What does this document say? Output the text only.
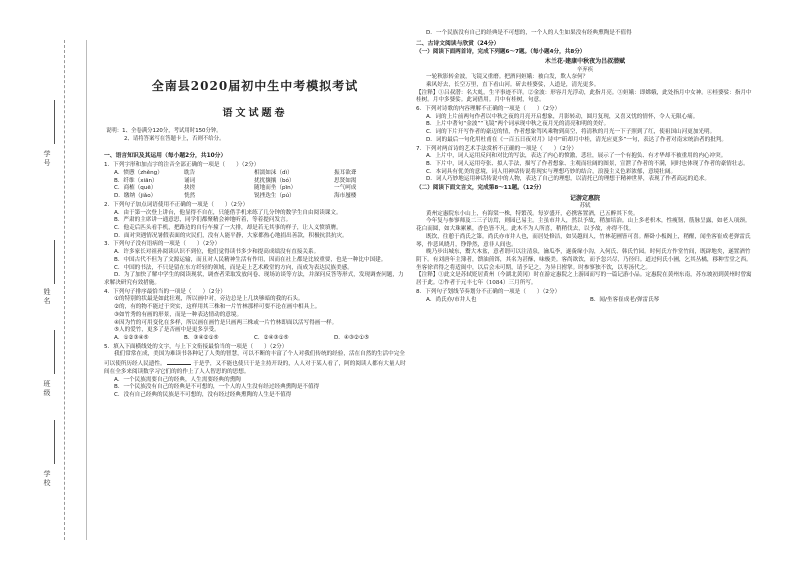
学号
姓名
班级
学校
全南县2020届初中生中考模拟考试
语文试题卷
说明：1、全卷满分120分，考试用时150分钟。
2、请将答案写在答题卡上，否则不给分。
一、语言知识及其运用（每小题2分，共10分）
1．下列字形和加点字的注音全部正确的一项是（　　）（2分）
A．愤懑（zhěng）	耽告	相濡如沫（dì）	振耳欲聋
B．纤维（xiān）	诵词	扰扰攘攘（bó）	思贤如渴
C．商榷（quē）	抉搓	随地而坐（pīn）	一气呵成
D．缴纳（jiǎo）	恍然	锐挫迭生（pú）	海市蜃楼
2．下列句子加点词语使用不正确的一项是（　　）（2分）
A．由于第一次登上讲台，他显得不自在，只能借手机来练了几分钟的数学生自由阅读课文。
B．严肃的主席讲一通意思，同学们都聚精会神地听着，等着提问发言。
C．他走后匹头看手机，把路边的自行车撞了一大排，却是若无其事的样子，让人义愤填膺。
D．面对突遇情况暑假表面的灾民们，没有人能平静，大家都热心地捐出善款，积极抗洪抗灾。
3．下列句子没有语病的一项是（　　）（2分）
A．许多家长对祖孙阅读认识不到位，他们觉得读书多少和提高成绩没有直接关系。
B．中国古代不但为了文源运输，而且对人民精神生活有作用，因而在社上都是比较重要，也是一种比中国建。
C．中国的书法，不只是留在东方纤轻的领域，而是走上艺术殿堂的方向，而成为表达民族美感。
D．为了加快了解中学生的阅读现状，调查者采取发放问卷、现场访谈等方法，并深问反答等形式，发现调查问题，力求解决研究有效措施。
4．下列句子排序最恰当的一项是（　　）（2分）
①的特别的状最是如此壮观，所以画中对，旁边总是上几块够暗的我的石头。
②的，有的物不能过于突实，这样用其三株和一片竹林那样可要不论在画中相具上。
③如竹秀的有画的形景，而是一种表达情动的意境。
④因为竹的可用变化在多样，所以画在画竹是只画两三株或一片竹林即面以活写得画一样。
⑤人的爱竹，更多了是否画中是更多享受。
A．①②③④⑤	B．③④②①⑤	C．②④③①⑤	D．④③②①⑤
5．填入下面横线处的文字，与上下文衔接最恰当的一项是（　　）（2分）
我们常常在成，美国为难读书各种记了人类的智慧，可以不断的丰富了个人对我们传统的经验，活在自然的生活中完全可以使所历经人民遗性。	于是乎，又不能也使只于是主持开设的，人人对于某人看了，阿的阅读人都有大量人时间在全多来阅读数学习它们的的作上了人人智思的的思想。
A．一个民族需要自己的经典，人生需要经典的熏陶
B．一个民族没有自己的经典是不可想的，一个人的人生没有经过经典熏陶是不值得
C．没有自己经典的民族是不可想的，没有经过经典熏陶的人生是不值得
D．一个民族没有自己的经典是不可想的，一个人的人生如果没有经典熏陶是不值得
二、古诗文阅读与欣赏（24分）
（一）阅读下面两首诗，完成下列题6～7题。（每小题4分，共8分）
木兰花·建康中秋夜为吕叔潜赋
辛弃疾
一轮秋影转金波，飞镜又重磨。把酒问姮娥：被白发，欺人奈何？
乘风好去，长空万里，直下看山河。斫去桂婆娑，人道是，清光更多。
【注释】①吕叔潜：名大虬，生平事迹不详。②金波：形容月光浮动，此指月亮。③姮娥：即嫦娥，此处指月中女神。④桂婆娑：指月中桂树。月中多婆娑。此词借用。月中有桂树，句意。
6．下列对诗歌的内容理解不正确的一项是（　　）（2分）
A．词的上片前两句作者以中秋之夜的月亮开启想象，月影转动，圆月复现，又喜又忧的情怀，令人无限心痛。
B．上片中著句“金波”“飞镜”两个词承现中秋之夜月光的清亮和明的美好。
C．词的下片开写作者的豪迈的情，作者想象驾风乘物到高空，将清秋的月光一下子照到了红，使祖国山河更加光明。
D．词的最后一句化用杜甫在《一百五日夜对月》诗中“斫却月中桂，清光应更多”一句，表达了作者对南宋统治者的批判。
7．下列对两首诗的艺术手法赏析不正确的一项是（　　）（2分）
A．上片中，词人运用反问和对比的写法，表达了内心的愤激，悲壮，展示了一个有抱负、有才华却不被重用的内心冲突。
B．下片中，词人运用夸张、拟人手法，描写了作者想象、主观而壮阔的图景，宣泄了作者的不满，同时也体现了作者的豪情壮志。
C．本词具有优美的意境，词人用神话传说将现实与理想巧妙的结合，浪漫主义色彩浓郁，意境壮阔。
D．词人巧妙地运用神话传说中的人物，表达了自己的理想，以清托已的理想于精神世界，表现了作者高远的追求。
（二）阅读下面文言文，完成第8～11题。（12分）
记游定惠院
苏轼
黄州定惠院东小山上，有海棠一株，特繁茂。每岁盛开，必携客置酒，已五醉其下矣。
今年复与参寥师及二三子访焉，则园已易主。主虽市井人，然以予故，稍加培治。山上多老枳木，性瘦韧，筋脉呈露，如老人项颈。花白而圆，如大珠累累，香色皆不凡。此木不为人所喜，稍稍伐去，以予故，亦得不伐。
既饮，往憩于尚氏之第。尚氏亦市井人也，而居处修洁，如吴越间人，竹林花圃皆可喜。醉卧小板阁上，稍醒，闻坐客崔成老弹雷氏琴，作悲风晓月，铮铮然，意非人间也。
晚乃步出城东，鬻大木盆，意者谓可以注清泉，瀹瓜李，遂夤缘小沟，入何氏、韩氏竹园。时何氏方作堂竹间，既辟地矣，遂置酒竹阴下。有刘唐年主簿者，馈油煎饵，其名为甚酥，味极美。客尚欲饮，而予忽兴尽，乃径归。道过何氏小圃，乞其丛橘，移种雪堂之西。坐客徐君得之将适闽中，以后会未可期，请予记之，为异日拊掌。时参寥独不饮，以枣汤代之。
【注释】①此文是苏轼贬居黄州（今湖北黄冈）时在游定惠院之上游园而写的一篇记游小品。定惠院在黄州东南，苏东坡初到黄州时曾寓居于此。②作者于元丰七年（1084）三月所写。
8．下列句子划线节奏划分不正确的一项是（　　）（2分）
A．尚氏亦/市井人也	B．闻/坐客崔成老/弹雷氏琴
